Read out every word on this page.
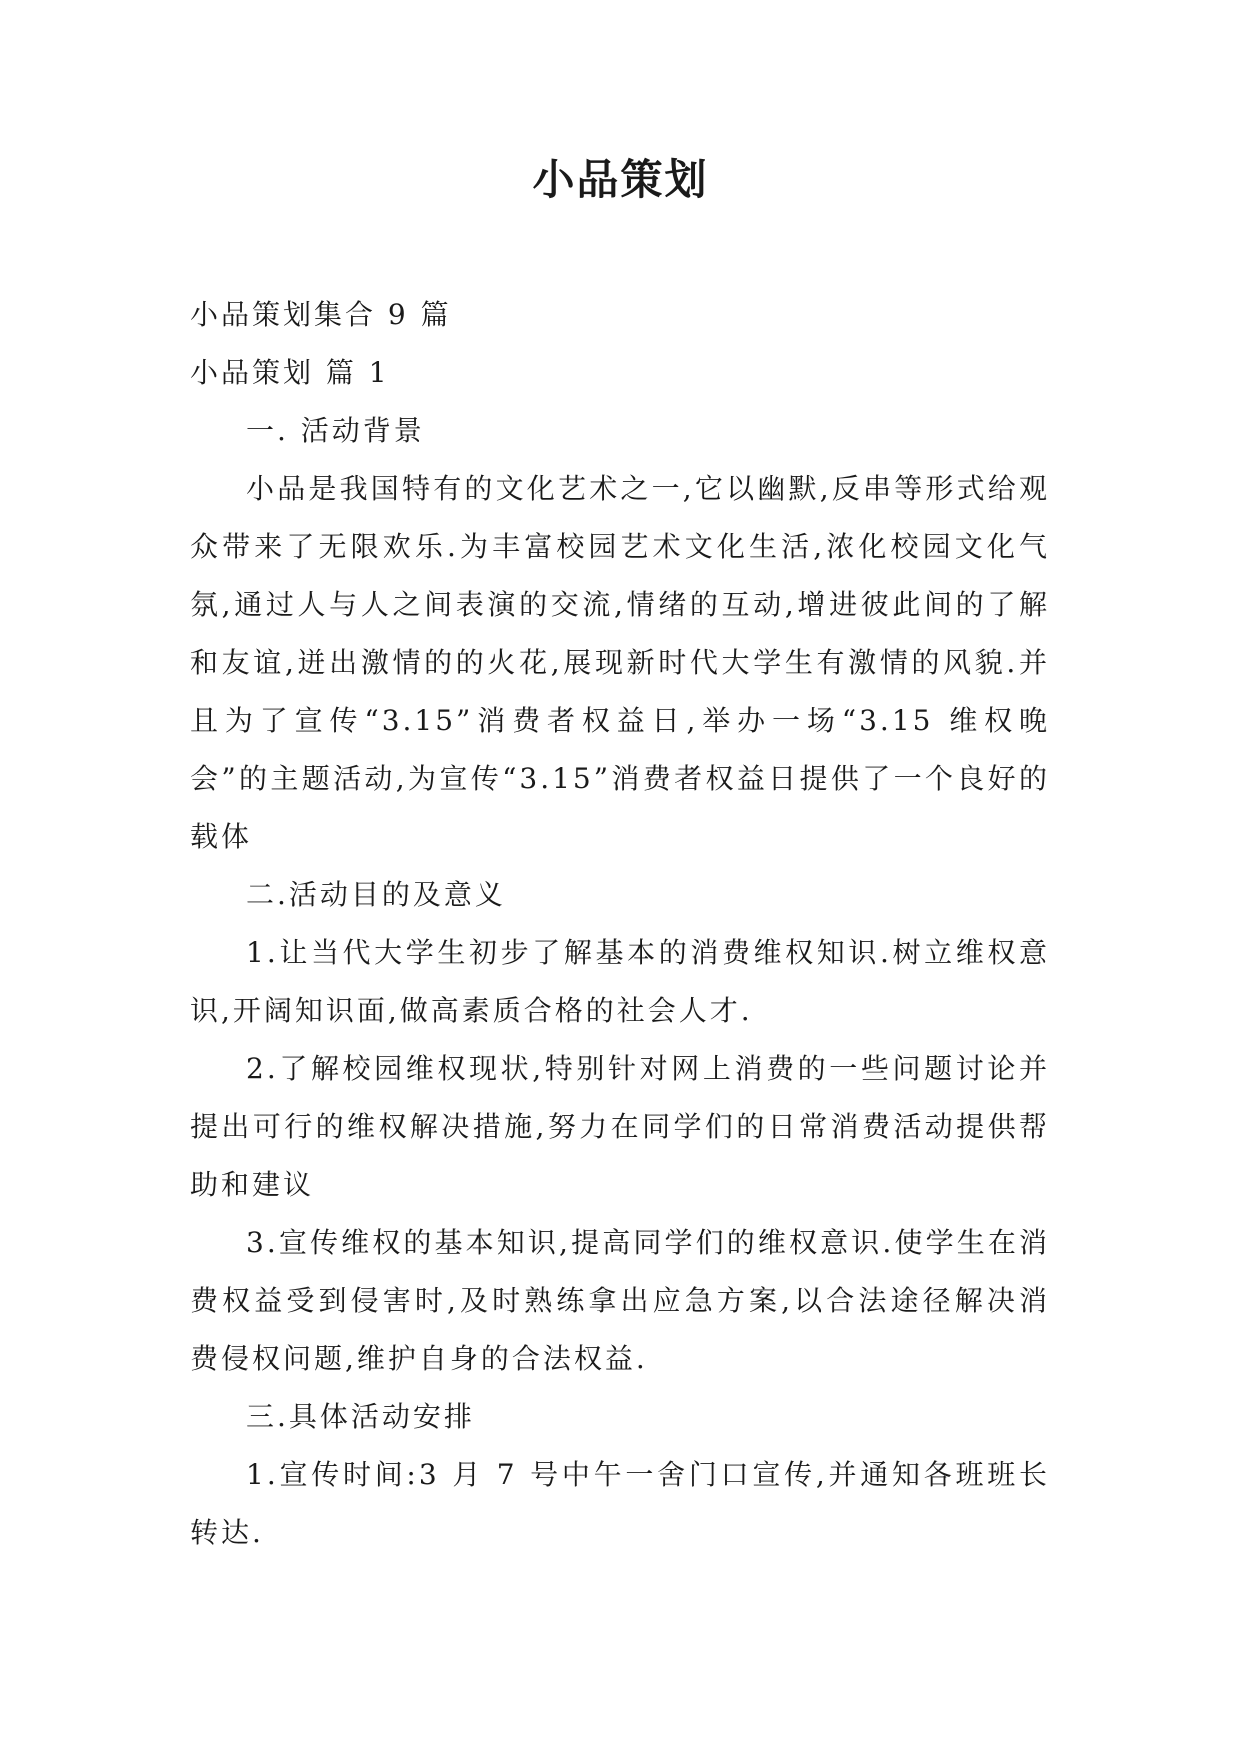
小品策划

小品策划集合 9 篇

小品策划 篇 1

一. 活动背景

小品是我国特有的文化艺术之一,它以幽默,反串等形式给观众带来了无限欢乐.为丰富校园艺术文化生活,浓化校园文化气氛,通过人与人之间表演的交流,情绪的互动,增进彼此间的了解和友谊,迸出激情的的火花,展现新时代大学生有激情的风貌.并且为了宣传“3.15”消费者权益日,举办一场“3.15 维权晚会”的主题活动,为宣传“3.15”消费者权益日提供了一个良好的载体

二.活动目的及意义

1.让当代大学生初步了解基本的消费维权知识.树立维权意识,开阔知识面,做高素质合格的社会人才.

2.了解校园维权现状,特别针对网上消费的一些问题讨论并提出可行的维权解决措施,努力在同学们的日常消费活动提供帮助和建议

3.宣传维权的基本知识,提高同学们的维权意识.使学生在消费权益受到侵害时,及时熟练拿出应急方案,以合法途径解决消费侵权问题,维护自身的合法权益.

三.具体活动安排

1.宣传时间:3 月 7 号中午一舍门口宣传,并通知各班班长转达.
